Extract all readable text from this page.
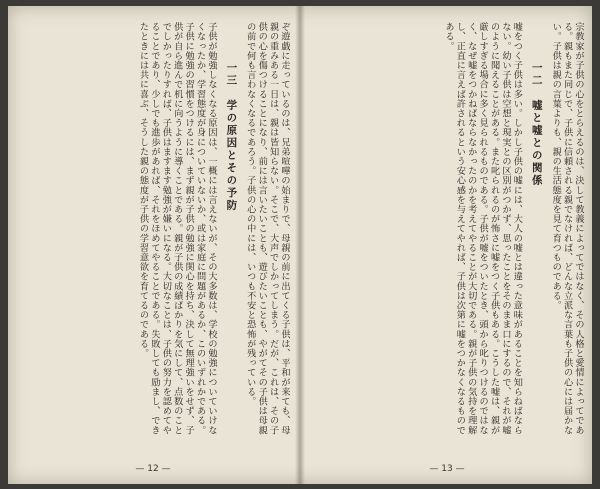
ぞ遊戯に走っているのは、兄弟喧嘩の始まりで、母親の前に出てくる子供は、平和が来ても、母親の重みある一日は、親は皆知らない。そこで、大声でしかってしまう。だが、これは、その子供の心を傷つけることになり、前には言いたいことも、遊びたいことも、やがてその子供は母親の前で何も言わなくなるであろう。子供の心の中には、いつも不安と恐怖が残っている。

一三　学の原因とその予防

子供が勉強しなくなる原因は、一概には言えないが、その大多数は、学校の勉強についていけなくなったか、学習態度が身についていないか、或は家庭に問題があるか、このいずれかである。子供に勉強の習慣をつけるには、まず親が子供の勉強に関心を持ち、決して無理強いをせず、子供が自ら進んで机に向うように導くことである。親が子供の成績ばかりを気にして、点数のことでしかったりすれば、子供はますます勉強が嫌いになる。大切なことは、子供の努力を認めてやることであり、少しでも進歩があれば、それをほめてやることである。失敗しても励まし、できたときには共に喜ぶ、そうした親の態度が子供の学習意欲を育てるのである。

— 12 —

宗教家が子供の心をとらえるのは、決して教義によってではなく、その人格と愛情によってである。親もまた同じで、子供に信頼される親でなければ、どんな立派な言葉も子供の心には届かない。子供は親の言葉よりも、親の生活態度を見て育つものである。

一二　嘘と嘘との関係

嘘をつく子供は多い。しかし子供の嘘には、大人の嘘とは違った意味があることを知らねばならない。幼い子供は空想と現実との区別がつかず、思ったことをそのまま口にするので、それが嘘のように聞えることがある。また叱られるのが怖さに嘘をつく子供もある。こうした嘘は、親が厳しすぎる場合に多く見られるものである。子供が嘘をついたとき、頭から叱りつけるのではなく、なぜ嘘をつかねばならなかったのかを考えてやることが大切である。親が子供の気持を理解し、正直に言えば許されるという安心感を与えてやれば、子供は次第に嘘をつかなくなるものである。

— 13 —
